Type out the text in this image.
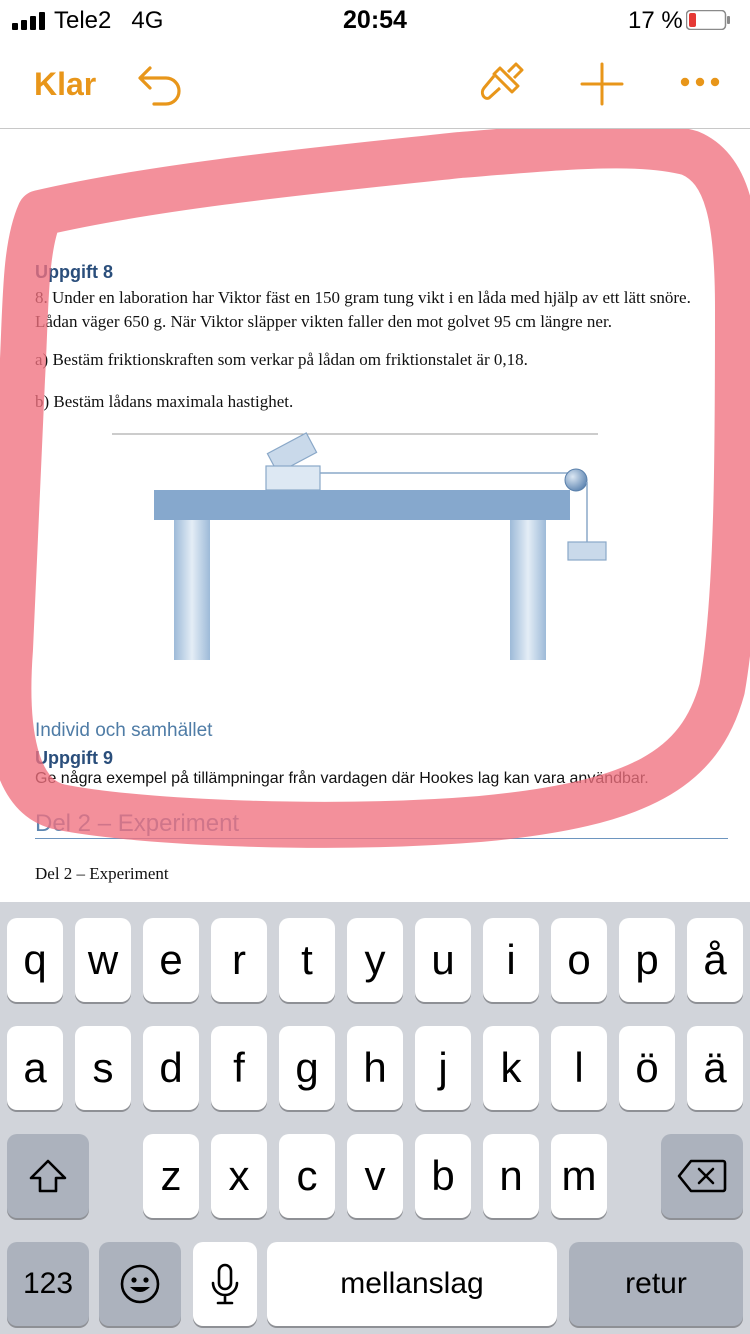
Tele2 4G	20:54	17 %
Klar
Uppgift 8

8. Under en laboration har Viktor fäst en 150 gram tung vikt i en låda med hjälp av ett lätt snöre. Lådan väger 650 g. När Viktor släpper vikten faller den mot golvet 95 cm längre ner.

a) Bestäm friktionskraften som verkar på lådan om friktionstalet är 0,18.

b) Bestäm lådans maximala hastighet.

Individ och samhället
Uppgift 9
Ge några exempel på tillämpningar från vardagen där Hookes lag kan vara användbar.
Del 2 – Experiment
Del 2 – Experiment
q w e r t y u i o p å
a s d f g h j k l ö ä
z x c v b n m
123	mellanslag	retur
